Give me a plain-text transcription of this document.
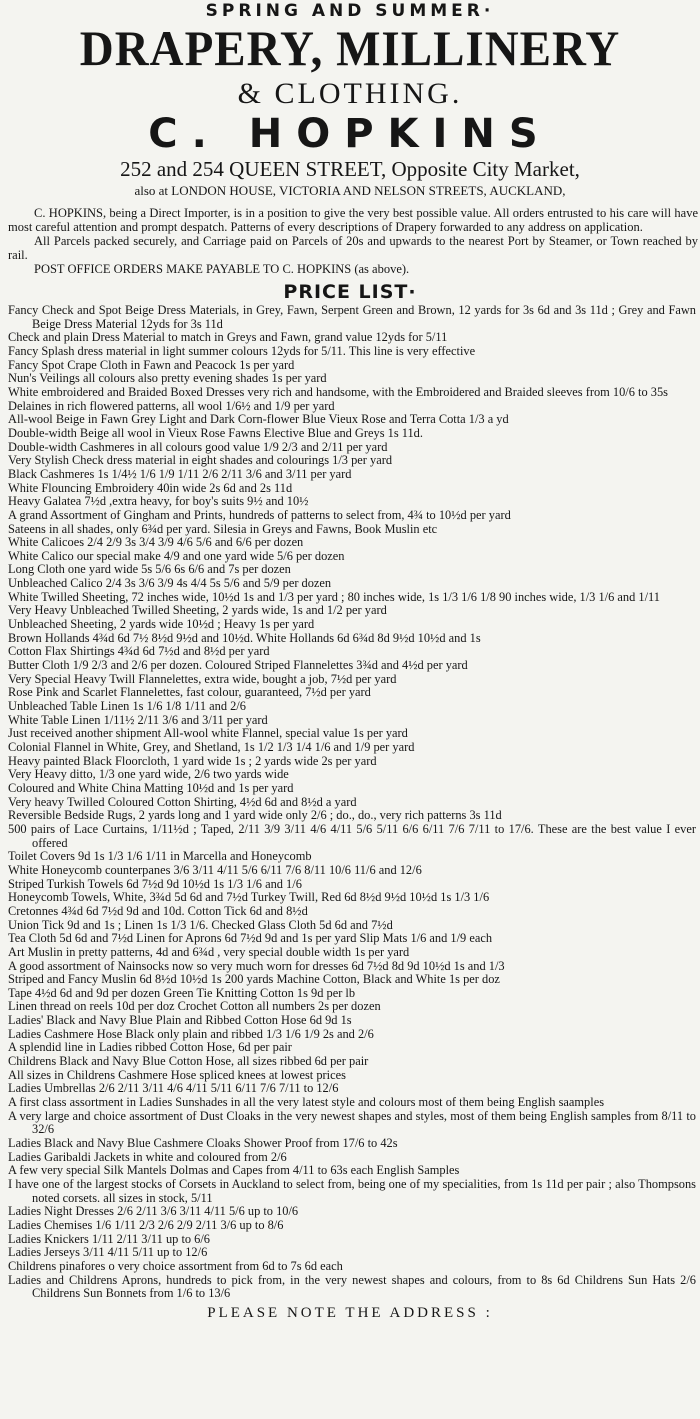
SPRING AND SUMMER·
DRAPERY, MILLINERY
& CLOTHING.
C. HOPKINS
252 and 254 QUEEN STREET, Opposite City Market,
also at LONDON HOUSE, VICTORIA AND NELSON STREETS, AUCKLAND,

C. HOPKINS, being a Direct Importer, is in a position to give the very best possible value. All orders entrusted to his care will have most careful attention and prompt despatch. Patterns of every descriptions of Drapery forwarded to any address on application.

All Parcels packed securely, and Carriage paid on Parcels of 20s and upwards to the nearest Port by Steamer, or Town reached by rail.

POST OFFICE ORDERS MAKE PAYABLE TO C. HOPKINS (as above).

PRICE LIST·

Fancy Check and Spot Beige Dress Materials, in Grey, Fawn, Serpent Green and Brown, 12 yards for 3s 6d and 3s 11d ; Grey and Fawn Beige Dress Material 12yds for 3s 11d

Check and plain Dress Material to match in Greys and Fawn, grand value 12yds for 5/11

Fancy Splash dress material in light summer colours 12yds for 5/11. This line is very effective

Fancy Spot Crape Cloth in Fawn and Peacock 1s per yard

Nun's Veilings all colours also pretty evening shades 1s per yard

White embroidered and Braided Boxed Dresses very rich and handsome, with the Embroidered and Braided sleeves from 10/6 to 35s

Delaines in rich flowered patterns, all wool 1/6½ and 1/9 per yard

All-wool Beige in Fawn Grey Light and Dark Corn-flower Blue Vieux Rose and Terra Cotta 1/3 a yd

Double-width Beige all wool in Vieux Rose Fawns Elective Blue and Greys 1s 11d.

Double-width Cashmeres in all colours good value 1/9 2/3 and 2/11 per yard

Very Stylish Check dress material in eight shades and colourings 1/3 per yard

Black Cashmeres 1s 1/4½ 1/6 1/9 1/11 2/6 2/11 3/6 and 3/11 per yard

White Flouncing Embroidery 40in wide 2s 6d and 2s 11d

Heavy Galatea 7½d ,extra heavy, for boy's suits 9½ and 10½

A grand Assortment of Gingham and Prints, hundreds of patterns to select from, 4¾ to 10½d per yard

Sateens in all shades, only 6¾d per yard. Silesia in Greys and Fawns, Book Muslin etc

White Calicoes 2/4 2/9 3s 3/4 3/9 4/6 5/6 and 6/6 per dozen

White Calico our special make 4/9 and one yard wide 5/6 per dozen

Long Cloth one yard wide 5s 5/6 6s 6/6 and 7s per dozen

Unbleached Calico 2/4 3s 3/6 3/9 4s 4/4 5s 5/6 and 5/9 per dozen

White Twilled Sheeting, 72 inches wide, 10½d 1s and 1/3 per yard ; 80 inches wide, 1s 1/3 1/6 1/8 90 inches wide, 1/3 1/6 and 1/11

Very Heavy Unbleached Twilled Sheeting, 2 yards wide, 1s and 1/2 per yard

Unbleached Sheeting, 2 yards wide 10½d ; Heavy 1s per yard

Brown Hollands 4¾d 6d 7½ 8½d 9½d and 10½d. White Hollands 6d 6¾d 8d 9½d 10½d and 1s

Cotton Flax Shirtings 4¾d 6d 7½d and 8½d per yard

Butter Cloth 1/9 2/3 and 2/6 per dozen. Coloured Striped Flannelettes 3¾d and 4½d per yard

Very Special Heavy Twill Flannelettes, extra wide, bought a job, 7½d per yard

Rose Pink and Scarlet Flannelettes, fast colour, guaranteed, 7½d per yard

Unbleached Table Linen 1s 1/6 1/8 1/11 and 2/6

White Table Linen 1/11½ 2/11 3/6 and 3/11 per yard

Just received another shipment All-wool white Flannel, special value 1s per yard

Colonial Flannel in White, Grey, and Shetland, 1s 1/2 1/3 1/4 1/6 and 1/9 per yard

Heavy painted Black Floorcloth, 1 yard wide 1s ; 2 yards wide 2s per yard

Very Heavy ditto, 1/3 one yard wide, 2/6 two yards wide

Coloured and White China Matting 10½d and 1s per yard

Very heavy Twilled Coloured Cotton Shirting, 4½d 6d and 8½d a yard

Reversible Bedside Rugs, 2 yards long and 1 yard wide only 2/6 ; do., do., very rich patterns 3s 11d

500 pairs of Lace Curtains, 1/11½d ; Taped, 2/11 3/9 3/11 4/6 4/11 5/6 5/11 6/6 6/11 7/6 7/11 to 17/6. These are the best value I ever offered

Toilet Covers 9d 1s 1/3 1/6 1/11 in Marcella and Honeycomb

White Honeycomb counterpanes 3/6 3/11 4/11 5/6 6/11 7/6 8/11 10/6 11/6 and 12/6

Striped Turkish Towels 6d 7½d 9d 10½d 1s 1/3 1/6 and 1/6

Honeycomb Towels, White, 3¾d 5d 6d and 7½d Turkey Twill, Red 6d 8½d 9½d 10½d 1s 1/3 1/6

Cretonnes 4¾d 6d 7½d 9d and 10d. Cotton Tick 6d and 8½d

Union Tick 9d and 1s ; Linen 1s 1/3 1/6. Checked Glass Cloth 5d 6d and 7½d

Tea Cloth 5d 6d and 7½d Linen for Aprons 6d 7½d 9d and 1s per yard Slip Mats 1/6 and 1/9 each

Art Muslin in pretty patterns, 4d and 6¾d , very special double width 1s per yard

A good assortment of Nainsocks now so very much worn for dresses 6d 7½d 8d 9d 10½d 1s and 1/3

Striped and Fancy Muslin 6d 8½d 10½d 1s 200 yards Machine Cotton, Black and White 1s per doz

Tape 4½d 6d and 9d per dozen Green Tie Knitting Cotton 1s 9d per lb

Linen thread on reels 10d per doz Crochet Cotton all numbers 2s per dozen

Ladies' Black and Navy Blue Plain and Ribbed Cotton Hose 6d 9d 1s

Ladies Cashmere Hose Black only plain and ribbed 1/3 1/6 1/9 2s and 2/6

A splendid line in Ladies ribbed Cotton Hose, 6d per pair

Childrens Black and Navy Blue Cotton Hose, all sizes ribbed 6d per pair

All sizes in Childrens Cashmere Hose spliced knees at lowest prices

Ladies Umbrellas 2/6 2/11 3/11 4/6 4/11 5/11 6/11 7/6 7/11 to 12/6

A first class assortment in Ladies Sunshades in all the very latest style and colours most of them being English saamples

A very large and choice assortment of Dust Cloaks in the very newest shapes and styles, most of them being English samples from 8/11 to 32/6

Ladies Black and Navy Blue Cashmere Cloaks Shower Proof from 17/6 to 42s

Ladies Garibaldi Jackets in white and coloured from 2/6

A few very special Silk Mantels Dolmas and Capes from 4/11 to 63s each English Samples

I have one of the largest stocks of Corsets in Auckland to select from, being one of my specialities, from 1s 11d per pair ; also Thompsons noted corsets. all sizes in stock, 5/11

Ladies Night Dresses 2/6 2/11 3/6 3/11 4/11 5/6 up to 10/6

Ladies Chemises 1/6 1/11 2/3 2/6 2/9 2/11 3/6 up to 8/6

Ladies Knickers 1/11 2/11 3/11 up to 6/6

Ladies Jerseys 3/11 4/11 5/11 up to 12/6

Childrens pinafores o very choice assortment from 6d to 7s 6d each

Ladies and Childrens Aprons, hundreds to pick from, in the very newest shapes and colours, from to 8s 6d Childrens Sun Hats 2/6 Childrens Sun Bonnets from 1/6 to 13/6

PLEASE NOTE THE ADDRESS :
